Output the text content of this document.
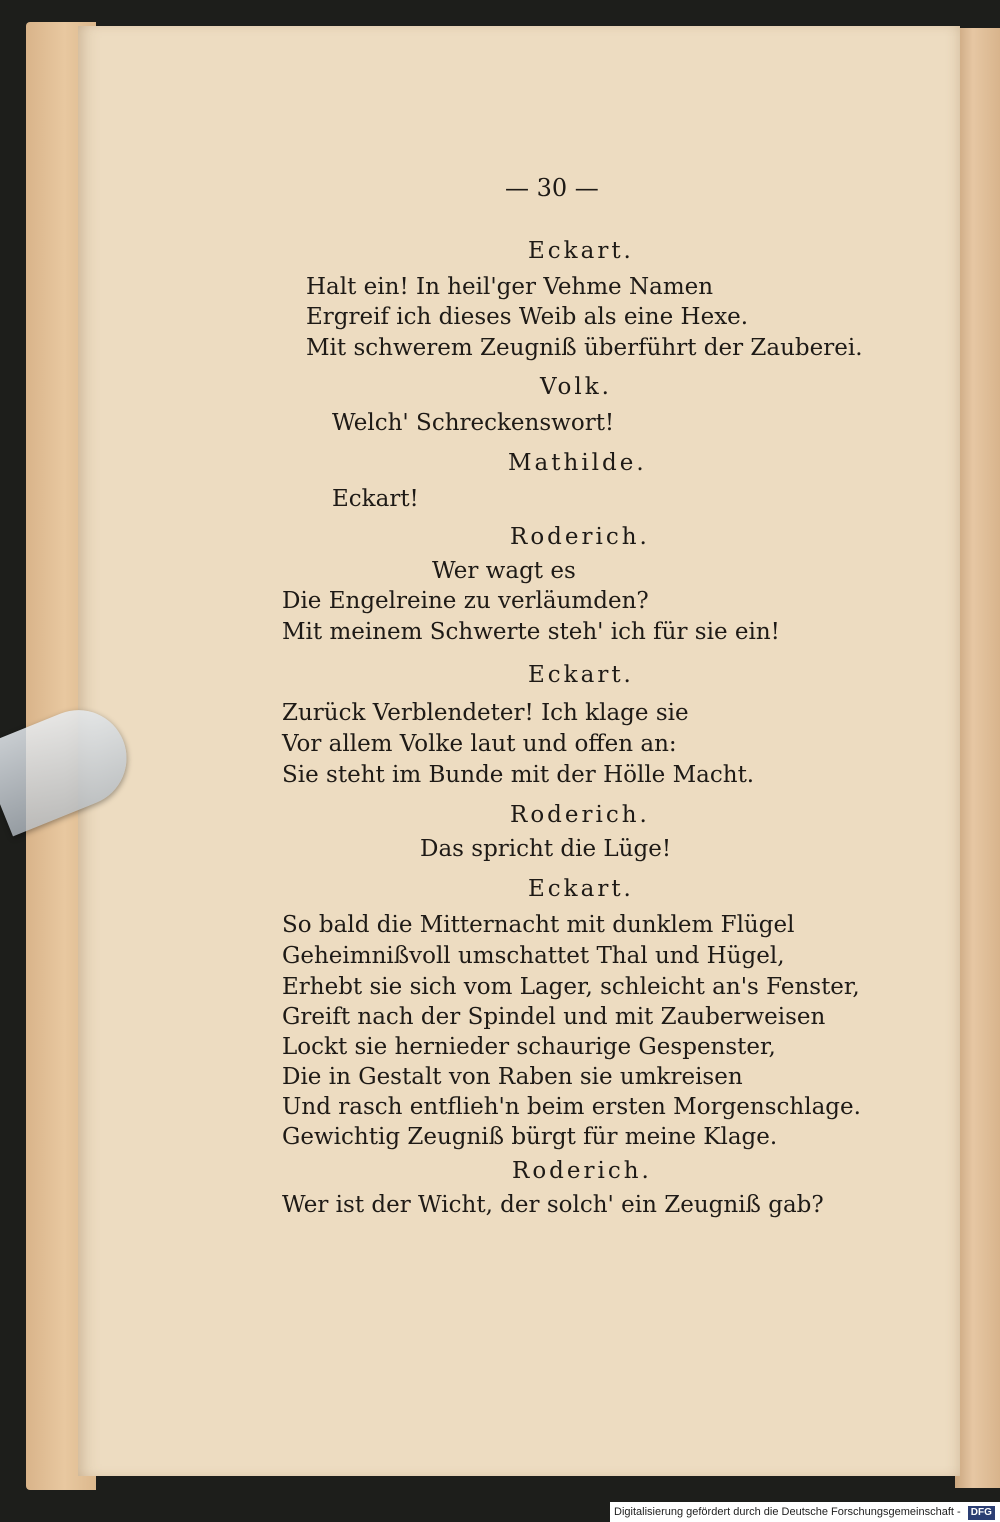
— 30 —
Eckart.
Halt ein! In heil'ger Vehme Namen
Ergreif ich dieses Weib als eine Hexe.
Mit schwerem Zeugniß überführt der Zauberei.
Volk.
Welch' Schreckenswort!
Mathilde.
Eckart!
Roderich.
Wer wagt es
Die Engelreine zu verläumden?
Mit meinem Schwerte steh' ich für sie ein!
Eckart.
Zurück Verblendeter! Ich klage sie
Vor allem Volke laut und offen an:
Sie steht im Bunde mit der Hölle Macht.
Roderich.
Das spricht die Lüge!
Eckart.
So bald die Mitternacht mit dunklem Flügel
Geheimnißvoll umschattet Thal und Hügel,
Erhebt sie sich vom Lager, schleicht an's Fenster,
Greift nach der Spindel und mit Zauberweisen
Lockt sie hernieder schaurige Gespenster,
Die in Gestalt von Raben sie umkreisen
Und rasch entflieh'n beim ersten Morgenschlage.
Gewichtig Zeugniß bürgt für meine Klage.
Roderich.
Wer ist der Wicht, der solch' ein Zeugniß gab?
Digitalisierung gefördert durch die Deutsche Forschungsgemeinschaft - DFG
